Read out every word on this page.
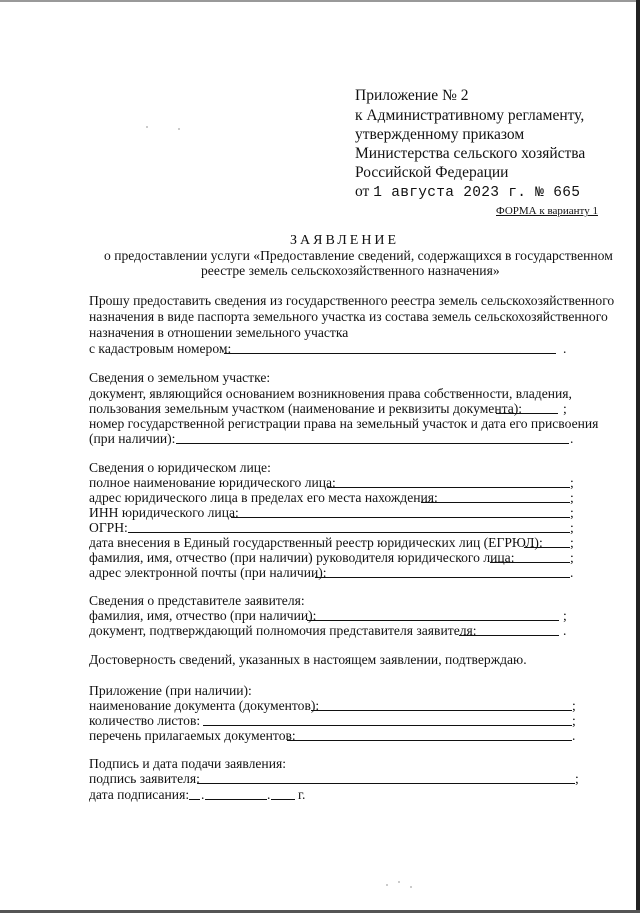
Приложение № 2
к Административному регламенту,
утвержденному приказом
Министерства сельского хозяйства
Российской Федерации
от 1 августа 2023 г. № 665
ФОРМА к варианту 1
ЗАЯВЛЕНИЕ
о предоставлении услуги «Предоставление сведений, содержащихся в государственном
реестре земель сельскохозяйственного назначения»
Прошу предоставить сведения из государственного реестра земель сельскохозяйственного
назначения в виде паспорта земельного участка из состава земель сельскохозяйственного
назначения в отношении земельного участка
с кадастровым номером:	.
Сведения о земельном участке:
документ, являющийся основанием возникновения права собственности, владения,
пользования земельным участком (наименование и реквизиты документа):	;
номер государственной регистрации права на земельный участок и дата его присвоения
(при наличии):	.
Сведения о юридическом лице:
полное наименование юридического лица:	;
адрес юридического лица в пределах его места нахождения:	;
ИНН юридического лица:	;
ОГРН:	;
дата внесения в Единый государственный реестр юридических лиц (ЕГРЮЛ): ;
фамилия, имя, отчество (при наличии) руководителя юридического лица:	;
адрес электронной почты (при наличии):	.
Сведения о представителе заявителя:
фамилия, имя, отчество (при наличии):	;
документ, подтверждающий полномочия представителя заявителя:	.
Достоверность сведений, указанных в настоящем заявлении, подтверждаю.
Приложение (при наличии):
наименование документа (документов):	;
количество листов:	;
перечень прилагаемых документов:	.
Подпись и дата подачи заявления:
подпись заявителя:	;
дата подписания: .	. г.
